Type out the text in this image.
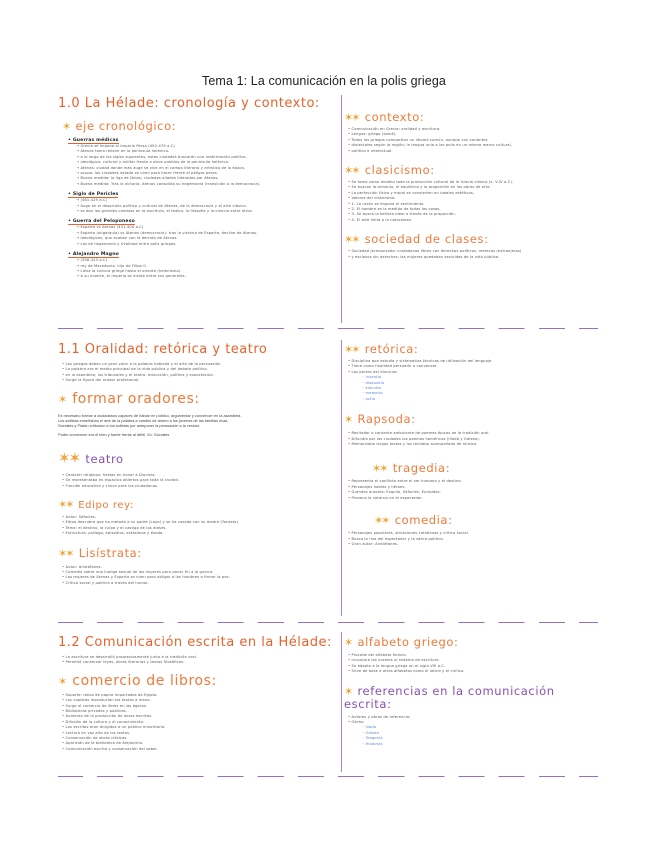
Tema 1: La comunicación en la polis griega
1.0 La Hélade: cronología y contexto:
✶ eje cronológico:
• Guerras médicas
→ Grecia se impone al imperio Persa (492-479 a.C)
→ Atenas toma relieve en la península helénica.
→ a lo largo de los siglos siguientes, estas ciudades buscarán una reafirmación política,
→ ideológica, cultural y militar frente a otros pueblos de la península helénica.
→ Atenas: ciudad donde más auge se vive en el campo literario y artístico de la época.
→ ocupa: las ciudades estado se unen para hacer frente al peligro persa.
→ Buena medida: la liga de Delos; ciudades aliadas lideradas por Atenas.
→ Buena medida: Tras la victoria, Atenas consolida su hegemonía (transición a la democracia).
• Siglo de Pericles
→ (461-429 a.C)
→ Auge en el desarrollo político y cultural de Atenas, de la democracia y el arte clásico.
→ se dan los grandes cambios en la escritura, el teatro, la filosofía y la ciencia entre otros.
• Guerra del Peloponeso
→ Esparta vs Atenas (431-404 a.C)
→ Esparta (oligarquía) vs Atenas (democracia): tras la victoria de Esparta, declive de Atenas.
→ ideológicas, que acaban con la derrota de Atenas.
→ Las de hegemonía y rivalidad entre polis griegas.
• Alejandro Magno
→ (356-323 a.C)
→ rey de Macedonia, hijo de Filipo II.
→ Lleva la cultura griega hasta el oriente (helenismo).
→ A su muerte, el imperio se divide entre sus generales.
✶✶ contexto:
• Comunicación en Grecia: oralidad y escritura.
• Lengua: griego (koiné).
• Todos los griegos compartían un idioma común, aunque con variantes
• dialectales según la región; la lengua unía a las polis en un mismo marco cultural,
• político e intelectual.
✶✶ clasicismo:
• Se toma como modelo toda la producción cultural de la Grecia clásica (s. V-IV a.C).
• Se buscan la armonía, el equilibrio y la proporción en las obras de arte.
• La perfección física y moral se convierten en ideales estéticos.
• Valores del clasicismo:
• 1. La razón se impone al sentimiento.
• 2. El hombre es la medida de todas las cosas.
• 3. Se busca la belleza ideal a través de la proporción.
• 4. El arte imita a la naturaleza.
✶✶ sociedad de clases:
• Sociedad jerarquizada: ciudadanos libres con derechos políticos, metecos (extranjeros)
• y esclavos sin derechos; las mujeres quedaban excluidas de la vida pública.
1.1 Oralidad: retórica y teatro
• Los griegos daban un gran valor a la palabra hablada y al arte de la persuasión.
• La palabra era el medio principal de la vida pública y del debate político.
• en la asamblea, los tribunales y el teatro: educación, política y espectáculo.
• Surge la figura del orador profesional.
✶ formar oradores:
Es necesario formar a ciudadanos capaces de hablar en público, argumentar y convencer en la asamblea.
Los sofistas enseñaban el arte de la palabra a cambio de dinero a los jóvenes de las familias ricas.
Sócrates y Platón criticaron a los sofistas por anteponer la persuasión a la verdad.
Poder convencer era el bien y fuerte frente al débil. Ex: Sócrates
✶✶ teatro
• Carácter religioso: fiestas en honor a Dionisio.
• Se representaba en espacios abiertos para toda la ciudad.
• Función educativa y cívica para los ciudadanos.
✶✶ Edipo rey:
• Autor: Sófocles.
• Edipo descubre que ha matado a su padre (Layo) y se ha casado con su madre (Yocasta).
• Tema: el destino, la culpa y el castigo de los dioses.
• Estructura: prólogo, episodios, estásimos y éxodo.
✶✶ Lisístrata:
• Autor: Aristófanes.
• Comedia sobre una huelga sexual de las mujeres para poner fin a la guerra.
• Las mujeres de Atenas y Esparta se unen para obligar a los hombres a firmar la paz.
• Crítica social y política a través del humor.
✶✶ retórica:
• Disciplina que estudia y sistematiza técnicas de utilización del lenguaje.
• Tiene como finalidad persuadir o convencer.
• Las partes del discurso:
◦ inventio
◦ dispositio
◦ elocutio
◦ memoria
◦ actio
✶ Rapsoda:
• Recitador o cantante ambulante de poemas épicos de la tradición oral.
• Difundía por las ciudades los poemas homéricos (Ilíada y Odisea).
• Memorizaba largos textos y los recitaba acompañado de música.
✶✶ tragedia:
• Representa el conflicto entre el ser humano y el destino.
• Personajes nobles y héroes.
• Grandes autores: Esquilo, Sófocles, Eurípides.
• Provoca la catarsis en el espectador.
✶✶ comedia:
• Personajes populares, situaciones cotidianas y crítica social.
• Busca la risa del espectador y la sátira política.
• Gran autor: Aristófanes.
1.2 Comunicación escrita en la Hélade:
• La escritura se desarrolló progresivamente junto a la tradición oral.
• Permitió conservar leyes, obras literarias y textos filosóficos.
✶ comercio de libros:
• Soporte: rollos de papiro importados de Egipto.
• Los copistas reproducían los textos a mano.
• Surge el comercio de libros en las ágoras.
• Bibliotecas privadas y públicas.
• Aumento de la producción de obras escritas.
• Difusión de la cultura y el conocimiento.
• Los escritos eran dirigidos a un público minoritario.
• Lectura en voz alta de los textos.
• Conservación de obras clásicas.
• Aparición de la biblioteca de Alejandría.
• Comunicación escrita y conservación del saber.
✶ alfabeto griego:
• Procede del alfabeto fenicio.
• Incorpora las vocales al sistema de escritura.
• Se adapta a la lengua griega en el siglo VIII a.C.
• Sirve de base a otros alfabetos como el latino y el cirílico.
✶ referencias en la comunicación escrita:
• Autores y obras de referencia:
• Obras:
◦ Ilíada
◦ Odisea
◦ Teogonía
◦ Historias
